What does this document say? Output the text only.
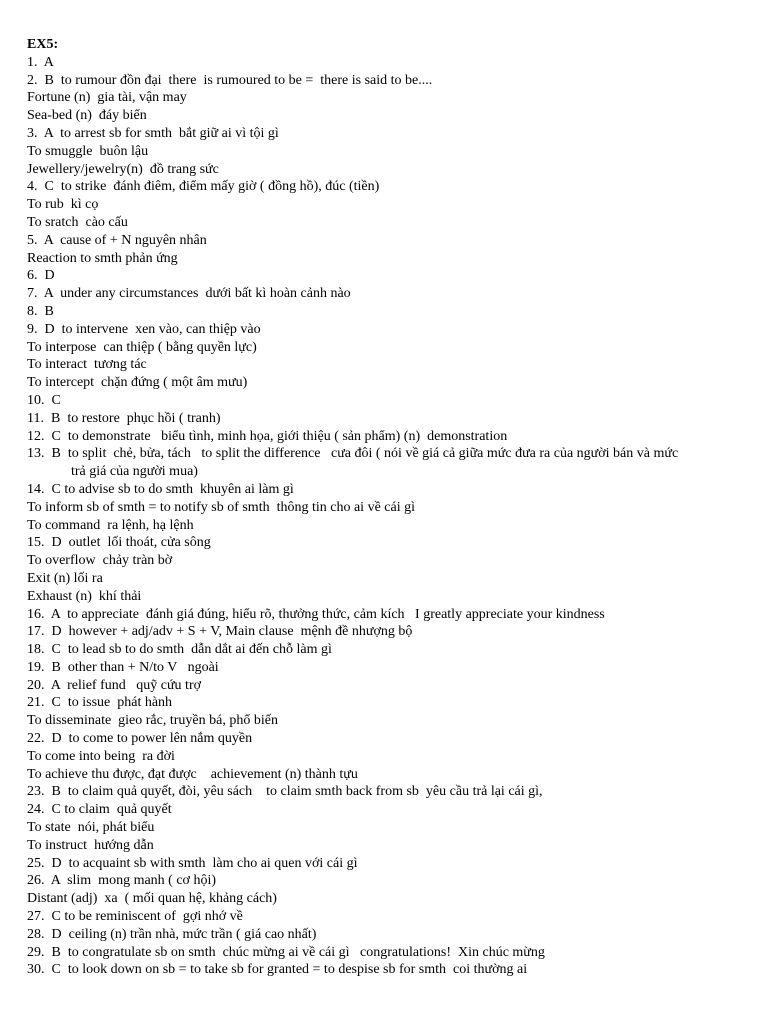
EX5:
1.  A
2.  B  to rumour đồn đại  there  is rumoured to be =  there is said to be....
Fortune (n)  gia tài, vận may
Sea-bed (n)  đáy biển
3.  A  to arrest sb for smth  bắt giữ ai vì tội gì
To smuggle  buôn lậu
Jewellery/jewelry(n)  đồ trang sức
4.  C  to strike  đánh điêm, điểm mấy giờ ( đồng hồ), đúc (tiền)
To rub  kì cọ
To sratch  cào cấu
5.  A  cause of + N nguyên nhân
Reaction to smth phản ứng
6.  D
7.  A  under any circumstances  dưới bất kì hoàn cảnh nào
8.  B
9.  D  to intervene  xen vào, can thiệp vào
To interpose  can thiệp ( bằng quyền lực)
To interact  tương tác
To intercept  chặn đứng ( một âm mưu)
10.  C
11.  B  to restore  phục hồi ( tranh)
12.  C  to demonstrate   biểu tình, minh họa, giới thiệu ( sản phẩm) (n)  demonstration
13.  B  to split  chẻ, bửa, tách   to split the difference   cưa đôi ( nói về giá cả giữa mức đưa ra của người bán và mức
trả giá của người mua)
14.  C to advise sb to do smth  khuyên ai làm gì
To inform sb of smth = to notify sb of smth  thông tin cho ai về cái gì
To command  ra lệnh, hạ lệnh
15.  D  outlet  lối thoát, cửa sông
To overflow  chảy tràn bờ
Exit (n) lối ra
Exhaust (n)  khí thải
16.  A  to appreciate  đánh giá đúng, hiểu rõ, thưởng thức, cảm kích   I greatly appreciate your kindness
17.  D  however + adj/adv + S + V, Main clause  mệnh đề nhượng bộ
18.  C  to lead sb to do smth  dẫn dắt ai đến chỗ làm gì
19.  B  other than + N/to V   ngoài
20.  A  relief fund   quỹ cứu trợ
21.  C  to issue  phát hành
To disseminate  gieo rắc, truyền bá, phổ biến
22.  D  to come to power lên nắm quyền
To come into being  ra đời
To achieve thu được, đạt được    achievement (n) thành tựu
23.  B  to claim quả quyết, đòi, yêu sách    to claim smth back from sb  yêu cầu trả lại cái gì,
24.  C to claim  quả quyết
To state  nói, phát biểu
To instruct  hướng dẫn
25.  D  to acquaint sb with smth  làm cho ai quen với cái gì
26.  A  slim  mong manh ( cơ hội)
Distant (adj)  xa  ( mối quan hệ, khảng cách)
27.  C to be reminiscent of  gợi nhớ về
28.  D  ceiling (n) trần nhà, mức trần ( giá cao nhất)
29.  B  to congratulate sb on smth  chúc mừng ai về cái gì   congratulations!  Xin chúc mừng
30.  C  to look down on sb = to take sb for granted = to despise sb for smth  coi thường ai
